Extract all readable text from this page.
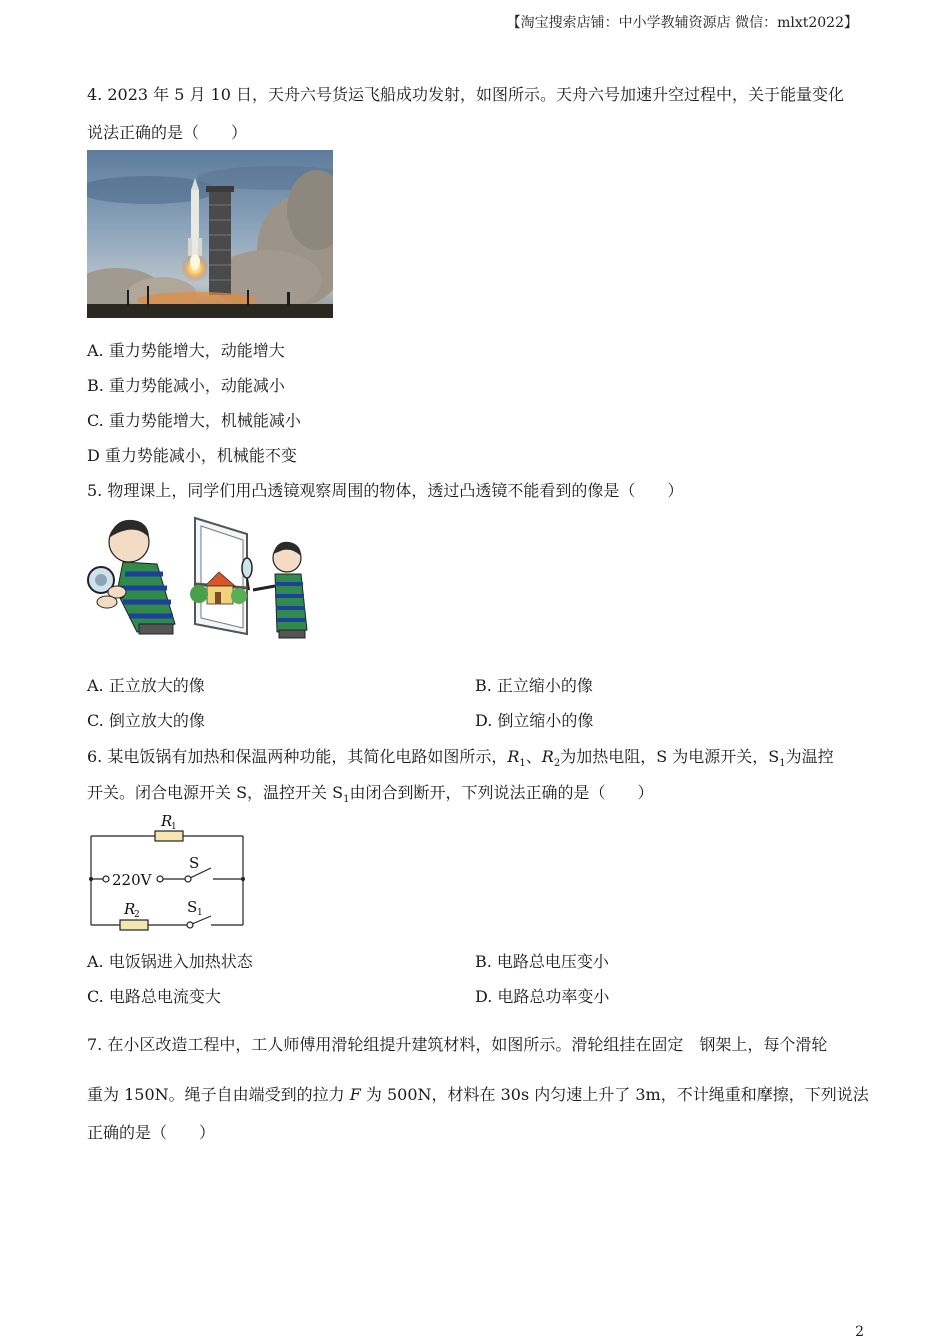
【淘宝搜索店铺：中小学教辅资源店 微信：mlxt2022】
4. 2023 年 5 月 10 日，天舟六号货运飞船成功发射，如图所示。天舟六号加速升空过程中，关于能量变化
说法正确的是（　　）
A. 重力势能增大，动能增大
B. 重力势能减小，动能减小
C. 重力势能增大，机械能减小
D 重力势能减小，机械能不变
5. 物理课上，同学们用凸透镜观察周围的物体，透过凸透镜不能看到的像是（　　）
A. 正立放大的像	B. 正立缩小的像
C. 倒立放大的像	D. 倒立缩小的像
6. 某电饭锅有加热和保温两种功能，其简化电路如图所示，$R_1$、$R_2$为加热电阻，S 为电源开关，$S_1$为温控
开关。闭合电源开关 S，温控开关 $S_1$由闭合到断开，下列说法正确的是（　　）
R
1
220V
S
R
2	S 1
A. 电饭锅进入加热状态	B. 电路总电压变小
C. 电路总电流变大	D. 电路总功率变小
7. 在小区改造工程中，工人师傅用滑轮组提升建筑材料，如图所示。滑轮组挂在固定　钢架上，每个滑轮
重为 150N。绳子自由端受到的拉力 F 为 500N，材料在 30s 内匀速上升了 3m，不计绳重和摩擦，下列说法
正确的是（　　）
2
